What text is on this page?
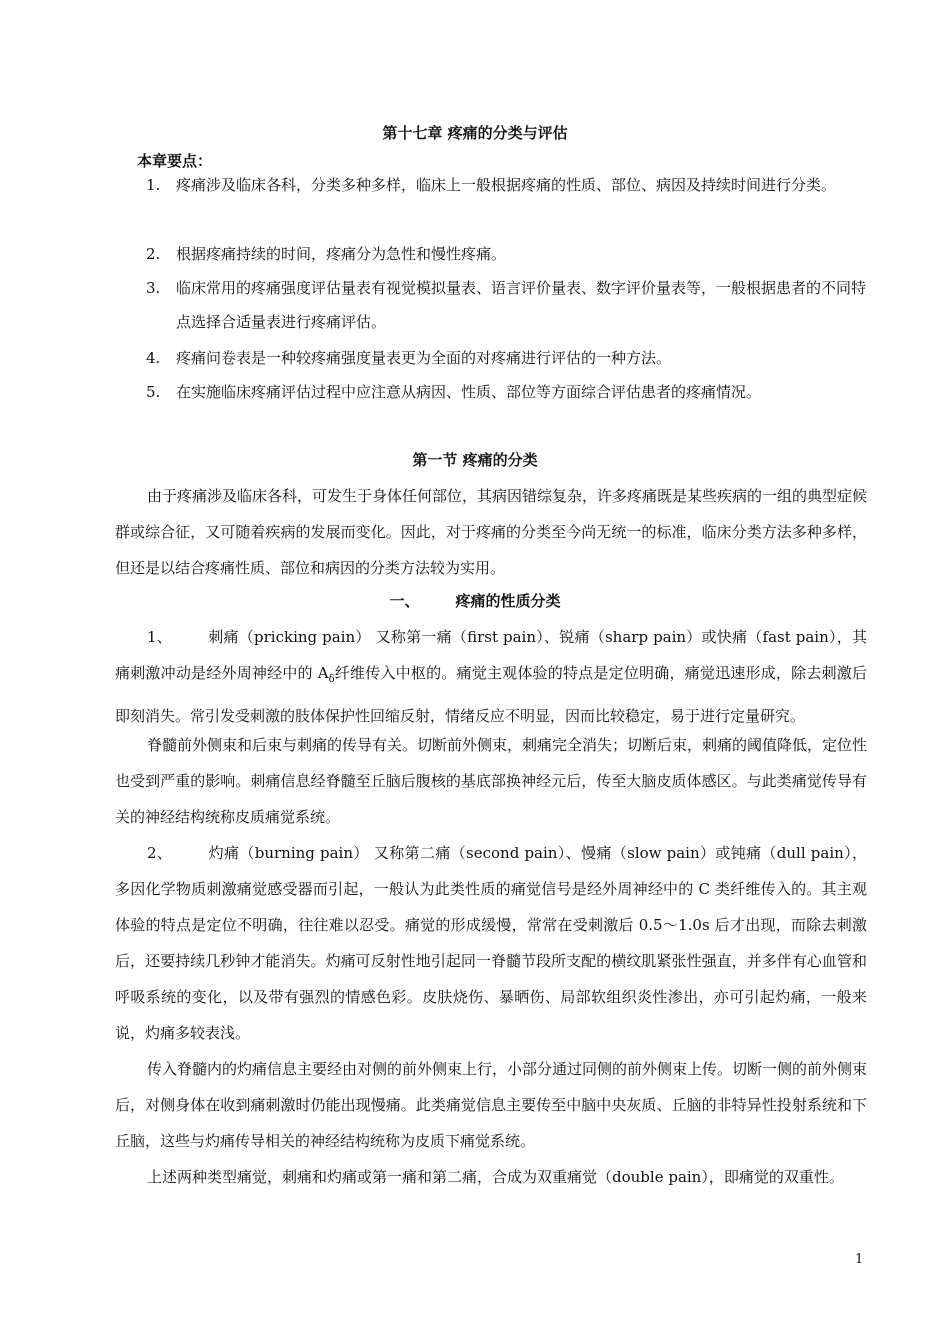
第十七章 疼痛的分类与评估
本章要点：
1.	疼痛涉及临床各科，分类多种多样，临床上一般根据疼痛的性质、部位、病因及持续时间进行分类。
2.	根据疼痛持续的时间，疼痛分为急性和慢性疼痛。
3.	临床常用的疼痛强度评估量表有视觉模拟量表、语言评价量表、数字评价量表等，一般根据患者的不同特点选择合适量表进行疼痛评估。
4.	疼痛问卷表是一种较疼痛强度量表更为全面的对疼痛进行评估的一种方法。
5.	在实施临床疼痛评估过程中应注意从病因、性质、部位等方面综合评估患者的疼痛情况。
第一节 疼痛的分类

由于疼痛涉及临床各科，可发生于身体任何部位，其病因错综复杂，许多疼痛既是某些疾病的一组的典型症候群或综合征，又可随着疾病的发展而变化。因此，对于疼痛的分类至今尚无统一的标准，临床分类方法多种多样，但还是以结合疼痛性质、部位和病因的分类方法较为实用。

一、 疼痛的性质分类

1、 刺痛（pricking pain） 又称第一痛（first pain）、锐痛（sharp pain）或快痛（fast pain），其痛刺激冲动是经外周神经中的 $A_\delta$纤维传入中枢的。痛觉主观体验的特点是定位明确，痛觉迅速形成，除去刺激后即刻消失。常引发受刺激的肢体保护性回缩反射，情绪反应不明显，因而比较稳定，易于进行定量研究。

脊髓前外侧束和后束与刺痛的传导有关。切断前外侧束，刺痛完全消失；切断后束，刺痛的阈值降低，定位性也受到严重的影响。刺痛信息经脊髓至丘脑后腹核的基底部换神经元后，传至大脑皮质体感区。与此类痛觉传导有关的神经结构统称皮质痛觉系统。

2、 灼痛（burning pain） 又称第二痛（second pain）、慢痛（slow pain）或钝痛（dull pain），多因化学物质刺激痛觉感受器而引起，一般认为此类性质的痛觉信号是经外周神经中的 C 类纤维传入的。其主观体验的特点是定位不明确，往往难以忍受。痛觉的形成缓慢，常常在受刺激后 0.5～1.0s 后才出现，而除去刺激后，还要持续几秒钟才能消失。灼痛可反射性地引起同一脊髓节段所支配的横纹肌紧张性强直，并多伴有心血管和呼吸系统的变化，以及带有强烈的情感色彩。皮肤烧伤、暴晒伤、局部软组织炎性渗出，亦可引起灼痛，一般来说，灼痛多较表浅。

传入脊髓内的灼痛信息主要经由对侧的前外侧束上行，小部分通过同侧的前外侧束上传。切断一侧的前外侧束后，对侧身体在收到痛刺激时仍能出现慢痛。此类痛觉信息主要传至中脑中央灰质、丘脑的非特异性投射系统和下丘脑，这些与灼痛传导相关的神经结构统称为皮质下痛觉系统。

上述两种类型痛觉，刺痛和灼痛或第一痛和第二痛，合成为双重痛觉（double pain），即痛觉的双重性。

1
